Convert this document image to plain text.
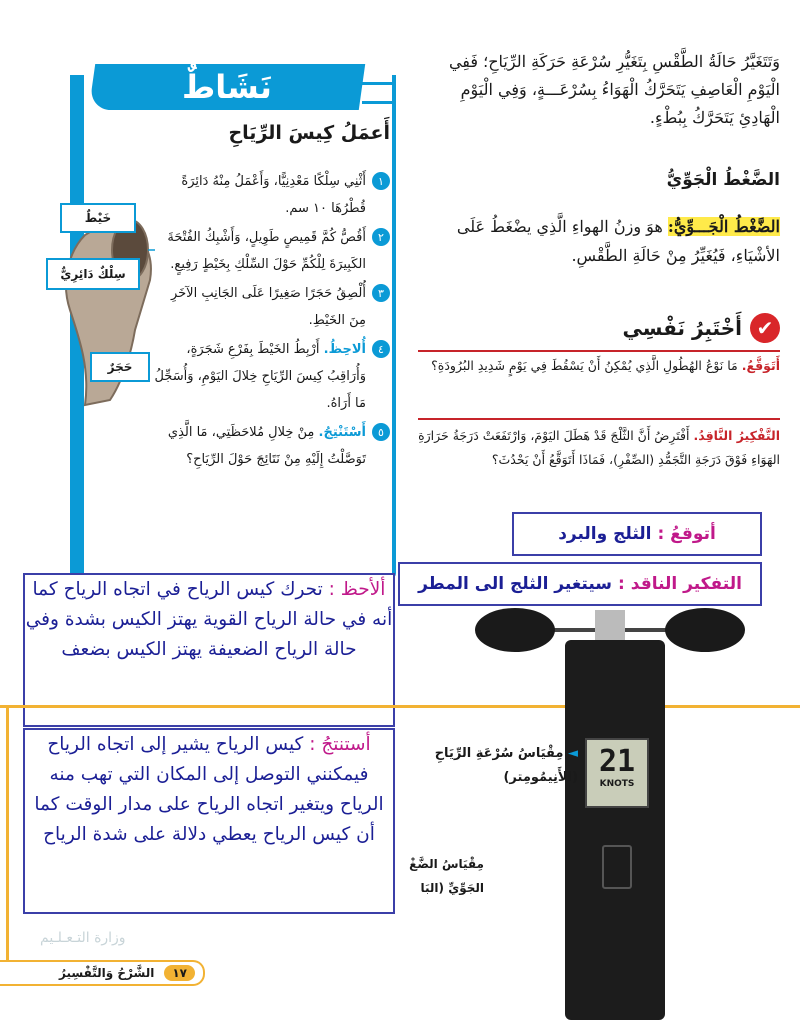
وَتَتَغَيَّرُ حَالَةُ الطَّقْسِ بِتَغَيُّرِ سُرْعَةِ حَرَكَةِ الرِّيَاحِ؛ فَفِي الْيَوْمِ الْعَاصِفِ يَتَحَرَّكُ الْهَوَاءُ بِسُرْعَـــةٍ، وَفِي الْيَوْمِ الْهَادِئِ يَتَحَرَّكُ بِبُطْءٍ.
الضَّغْطُ الْجَوِّيُّ
الضَّغْطُ الْجَـــوِّيُّ: هوَ وزنُ الهواءِ الَّذِي يضْغَطُ عَلَى الأشْيَاءِ، فَيُغَيِّرُ مِنْ حَالَةِ الطَّقْسِ.
✔
أَخْتَبِرُ نَفْسِي
أَتَوَقَّعُ. مَا نَوْعُ الهُطُولِ الَّذِي يُمْكِنُ أَنْ يَسْقُطَ فِي يَوْمٍ شَدِيدِ البُرُودَةِ؟
التَّفْكِيرُ النَّاقِدُ. أَفْتَرِضُ أَنَّ الثَّلْجَ قَدْ هَطَلَ اليَوْمَ، وَارْتَفَعَتْ دَرَجَةُ حَرَارَةِ الهَوَاءِ فَوْقَ دَرَجَةِ التَّجَمُّدِ (الصِّفْرِ)، فَمَاذَا أَتَوَقَّعُ أَنْ يَحْدُثَ؟
أتوقعُ :
الثلج والبرد
التفكير الناقد :
سيتغير الثلج الى المطر
نَشَاطٌ
أَعمَلُ كِيسَ الرِّيَاحِ
١
أَثْنِي سِلْكًا مَعْدِنِيًّا، وَأَعْمَلُ مِنْهُ دَائِرَةً قُطْرُهَا ١٠ سم.
٢
أَقُصُّ كُمَّ قَمِيصٍ طَوِيلٍ، وَأَشْبِكُ الفُتْحَةَ الكَبِيرَةَ لِلْكُمِّ حَوْلَ السِّلْكِ بِخَيْطٍ رَفِيعٍ.
٣
أُلْصِقُ حَجَرًا صَغِيرًا عَلَى الجَانِبِ الآخَرِ مِنَ الخَيْطِ.
٤
أُلاحِظُ. أَرْبِطُ الخَيْطَ بِفَرْعِ شَجَرَةٍ، وَأُرَاقِبُ كِيسَ الرِّيَاحِ خِلالَ اليَوْمِ، وَأُسَجِّلُ مَا أَرَاهُ.
٥
أَسْتَنْتِجُ. مِنْ خِلالِ مُلاحَظَتِي، مَا الَّذِي تَوَصَّلْتُ إِلَيْهِ مِنْ نَتَائِجَ حَوْلَ الرِّيَاحِ؟
خَيْطٌ
سِلْكٌ دَائِرِيٌّ
حَجَرٌ
ألأحظ : تحرك كيس الرياح في اتجاه الرياح كما أنه في حالة الرياح القوية يهتز الكيس بشدة وفي حالة الرياح الضعيفة يهتز الكيس بضعف
أستنتجُ : كيس الرياح يشير إلى اتجاه الرياح فيمكنني التوصل إلى المكان التي تهب منه الرياح ويتغير اتجاه الرياح على مدار الوقت كما أن كيس الرياح يعطي دلالة على شدة الرياح
21
KNOTS
◄ مِقْيَاسُ سُرْعَةِ الرِّيَاحِ
(الأَنِيمُومِتر)
مِقْيَاسُ الضَّغْ
الجَوِّيِّ (البَا
وزارة التـعـلـيم
١٧
الشَّرْحُ وَالتَّفْسِيرُ
